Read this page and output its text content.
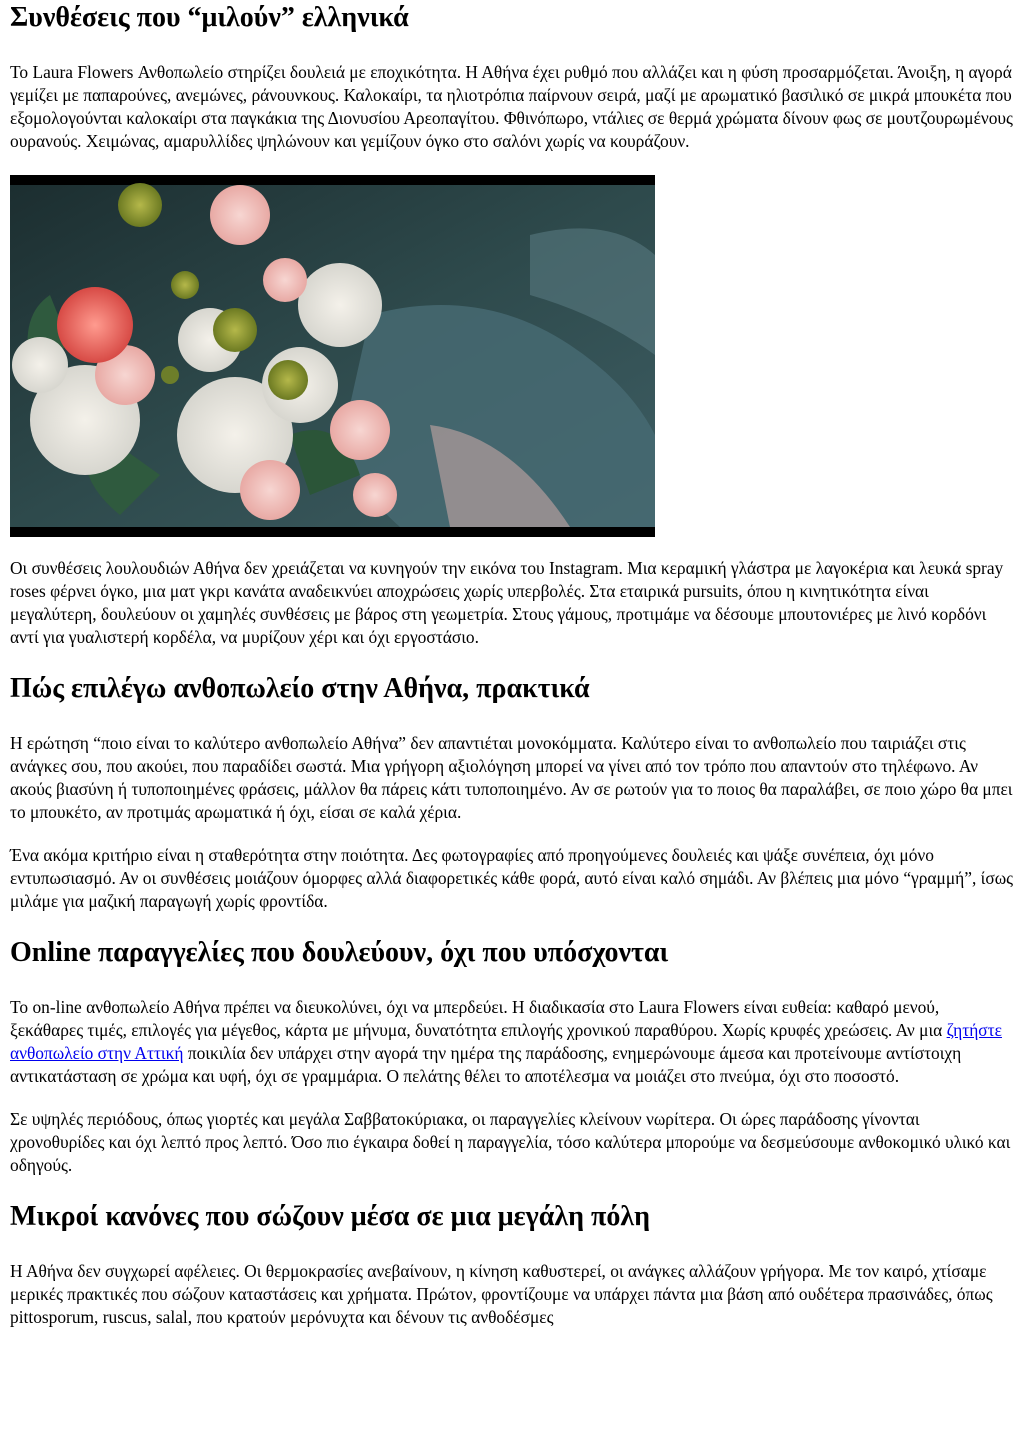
Συνθέσεις που “μιλούν” ελληνικά

Το Laura Flowers Ανθοπωλείο στηρίζει δουλειά με εποχικότητα. Η Αθήνα έχει ρυθμό που αλλάζει και η φύση προσαρμόζεται. Άνοιξη, η αγορά γεμίζει με παπαρούνες, ανεμώνες, ράνουνκους. Καλοκαίρι, τα ηλιοτρόπια παίρνουν σειρά, μαζί με αρωματικό βασιλικό σε μικρά μπουκέτα που εξομολογούνται καλοκαίρι στα παγκάκια της Διονυσίου Αρεοπαγίτου. Φθινόπωρο, ντάλιες σε θερμά χρώματα δίνουν φως σε μουτζουρωμένους ουρανούς. Χειμώνας, αμαρυλλίδες ψηλώνουν και γεμίζουν όγκο στο σαλόνι χωρίς να κουράζουν.

Οι συνθέσεις λουλουδιών Αθήνα δεν χρειάζεται να κυνηγούν την εικόνα του Instagram. Μια κεραμική γλάστρα με λαγοκέρια και λευκά spray roses φέρνει όγκο, μια ματ γκρι κανάτα αναδεικνύει αποχρώσεις χωρίς υπερβολές. Στα εταιρικά pursuits, όπου η κινητικότητα είναι μεγαλύτερη, δουλεύουν οι χαμηλές συνθέσεις με βάρος στη γεωμετρία. Στους γάμους, προτιμάμε να δέσουμε μπουτονιέρες με λινό κορδόνι αντί για γυαλιστερή κορδέλα, να μυρίζουν χέρι και όχι εργοστάσιο.

Πώς επιλέγω ανθοπωλείο στην Αθήνα, πρακτικά

Η ερώτηση “ποιο είναι το καλύτερο ανθοπωλείο Αθήνα” δεν απαντιέται μονοκόμματα. Καλύτερο είναι το ανθοπωλείο που ταιριάζει στις ανάγκες σου, που ακούει, που παραδίδει σωστά. Μια γρήγορη αξιολόγηση μπορεί να γίνει από τον τρόπο που απαντούν στο τηλέφωνο. Αν ακούς βιασύνη ή τυποποιημένες φράσεις, μάλλον θα πάρεις κάτι τυποποιημένο. Αν σε ρωτούν για το ποιος θα παραλάβει, σε ποιο χώρο θα μπει το μπουκέτο, αν προτιμάς αρωματικά ή όχι, είσαι σε καλά χέρια.

Ένα ακόμα κριτήριο είναι η σταθερότητα στην ποιότητα. Δες φωτογραφίες από προηγούμενες δουλειές και ψάξε συνέπεια, όχι μόνο εντυπωσιασμό. Αν οι συνθέσεις μοιάζουν όμορφες αλλά διαφορετικές κάθε φορά, αυτό είναι καλό σημάδι. Αν βλέπεις μια μόνο “γραμμή”, ίσως μιλάμε για μαζική παραγωγή χωρίς φροντίδα.

Online παραγγελίες που δουλεύουν, όχι που υπόσχονται

Το on-line ανθοπωλείο Αθήνα πρέπει να διευκολύνει, όχι να μπερδεύει. Η διαδικασία στο Laura Flowers είναι ευθεία: καθαρό μενού, ξεκάθαρες τιμές, επιλογές για μέγεθος, κάρτα με μήνυμα, δυνατότητα επιλογής χρονικού παραθύρου. Χωρίς κρυφές χρεώσεις. Αν μια ζητήστε ανθοπωλείο στην Αττική ποικιλία δεν υπάρχει στην αγορά την ημέρα της παράδοσης, ενημερώνουμε άμεσα και προτείνουμε αντίστοιχη αντικατάσταση σε χρώμα και υφή, όχι σε γραμμάρια. Ο πελάτης θέλει το αποτέλεσμα να μοιάζει στο πνεύμα, όχι στο ποσοστό.

Σε υψηλές περιόδους, όπως γιορτές και μεγάλα Σαββατοκύριακα, οι παραγγελίες κλείνουν νωρίτερα. Οι ώρες παράδοσης γίνονται χρονοθυρίδες και όχι λεπτό προς λεπτό. Όσο πιο έγκαιρα δοθεί η παραγγελία, τόσο καλύτερα μπορούμε να δεσμεύσουμε ανθοκομικό υλικό και οδηγούς.

Μικροί κανόνες που σώζουν μέσα σε μια μεγάλη πόλη

Η Αθήνα δεν συγχωρεί αφέλειες. Οι θερμοκρασίες ανεβαίνουν, η κίνηση καθυστερεί, οι ανάγκες αλλάζουν γρήγορα. Με τον καιρό, χτίσαμε μερικές πρακτικές που σώζουν καταστάσεις και χρήματα. Πρώτον, φροντίζουμε να υπάρχει πάντα μια βάση από ουδέτερα πρασινάδες, όπως pittosporum, ruscus, salal, που κρατούν μερόνυχτα και δένουν τις ανθοδέσμες
